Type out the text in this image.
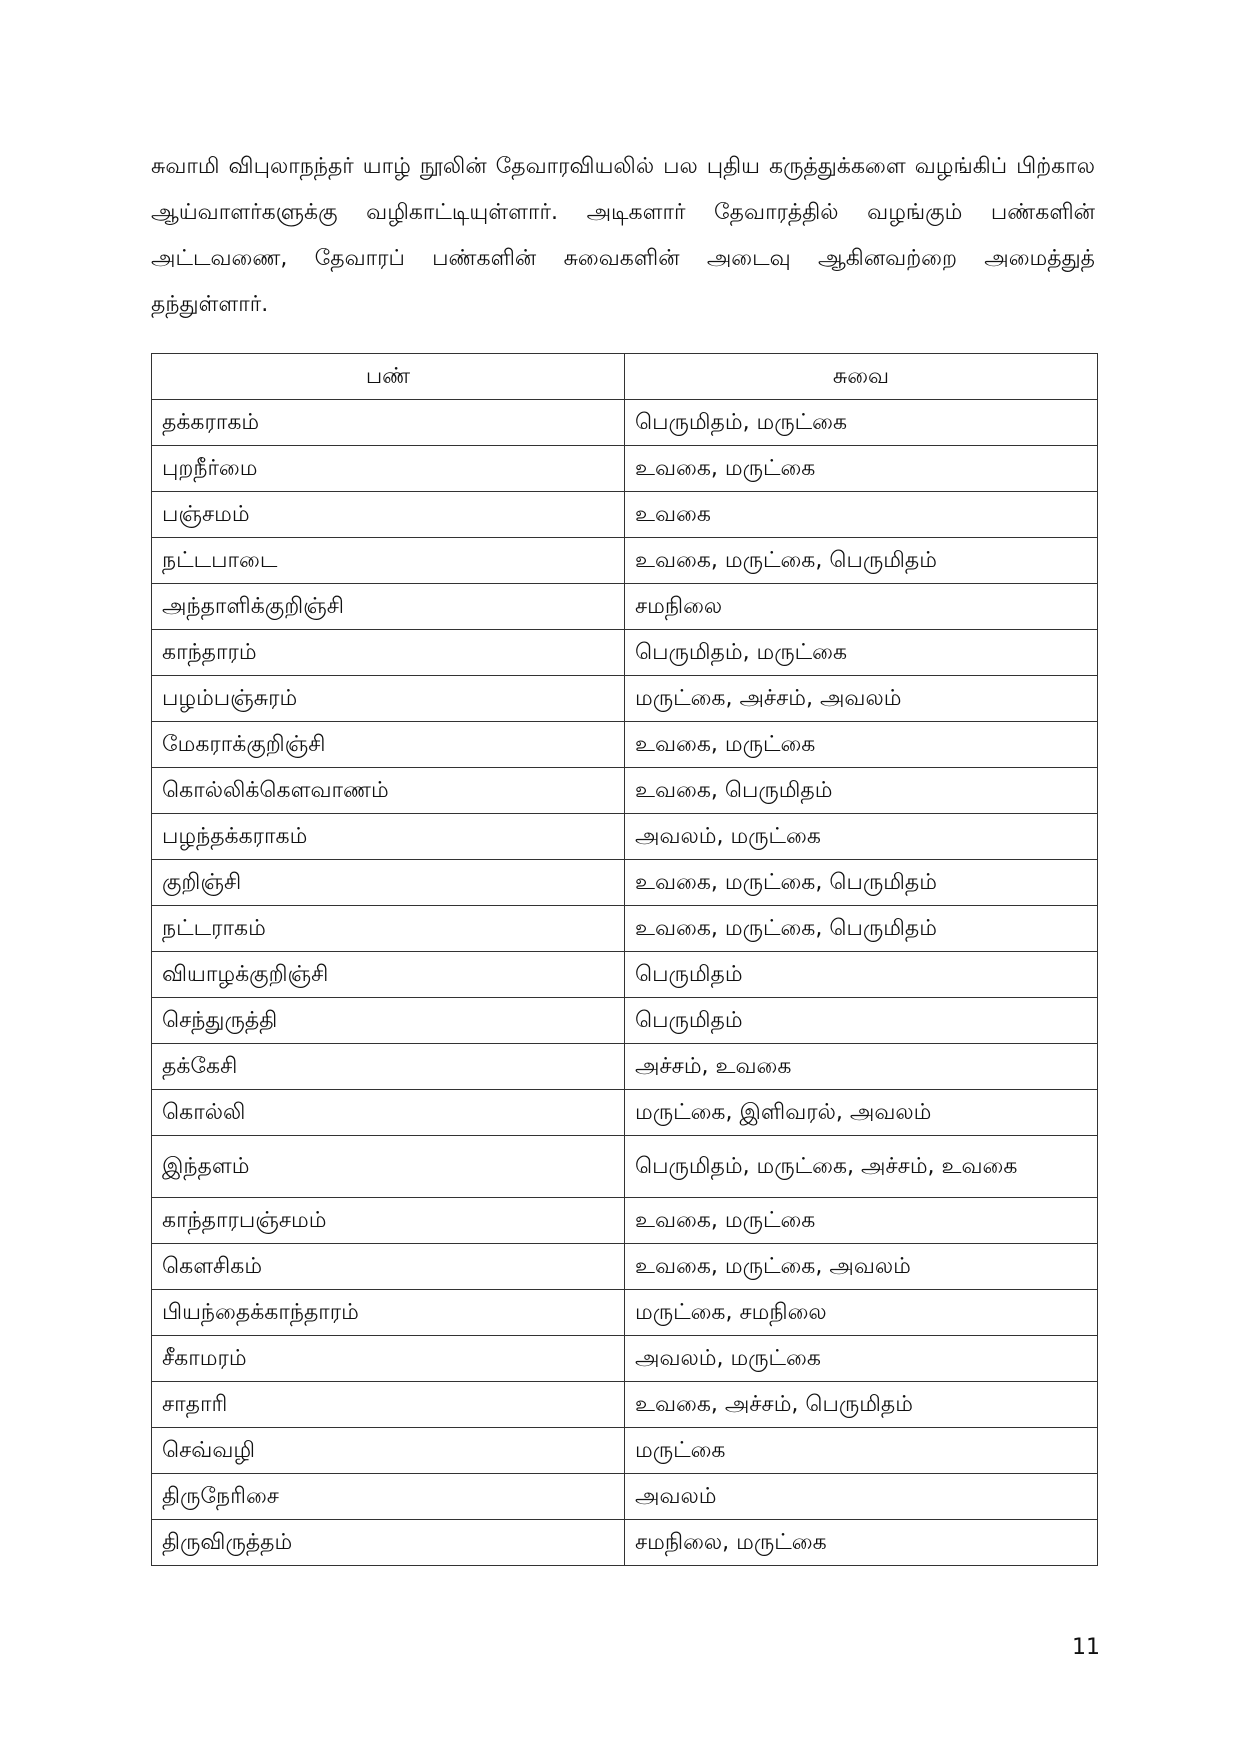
சுவாமி விபுலாநந்தர் யாழ் நூலின் தேவாரவியலில் பல புதிய கருத்துக்களை வழங்கிப் பிற்கால ஆய்வாளர்களுக்கு வழிகாட்டியுள்ளார். அடிகளார் தேவாரத்தில் வழங்கும் பண்களின் அட்டவணை, தேவாரப் பண்களின் சுவைகளின் அடைவு ஆகினவற்றை அமைத்துத் தந்துள்ளார்.

பண்	சுவை
தக்கராகம்	பெருமிதம், மருட்கை
புறநீர்மை	உவகை, மருட்கை
பஞ்சமம்	உவகை
நட்டபாடை	உவகை, மருட்கை, பெருமிதம்
அந்தாளிக்குறிஞ்சி	சமநிலை
காந்தாரம்	பெருமிதம், மருட்கை
பழம்பஞ்சுரம்	மருட்கை, அச்சம், அவலம்
மேகராக்குறிஞ்சி	உவகை, மருட்கை
கொல்லிக்கௌவாணம்	உவகை, பெருமிதம்
பழந்தக்கராகம்	அவலம், மருட்கை
குறிஞ்சி	உவகை, மருட்கை, பெருமிதம்
நட்டராகம்	உவகை, மருட்கை, பெருமிதம்
வியாழக்குறிஞ்சி	பெருமிதம்
செந்துருத்தி	பெருமிதம்
தக்கேசி	அச்சம், உவகை
கொல்லி	மருட்கை, இளிவரல், அவலம்
இந்தளம்	பெருமிதம், மருட்கை, அச்சம், உவகை
காந்தாரபஞ்சமம்	உவகை, மருட்கை
கௌசிகம்	உவகை, மருட்கை, அவலம்
பியந்தைக்காந்தாரம்	மருட்கை, சமநிலை
சீகாமரம்	அவலம், மருட்கை
சாதாரி	உவகை, அச்சம், பெருமிதம்
செவ்வழி	மருட்கை
திருநேரிசை	அவலம்
திருவிருத்தம்	சமநிலை, மருட்கை
11
